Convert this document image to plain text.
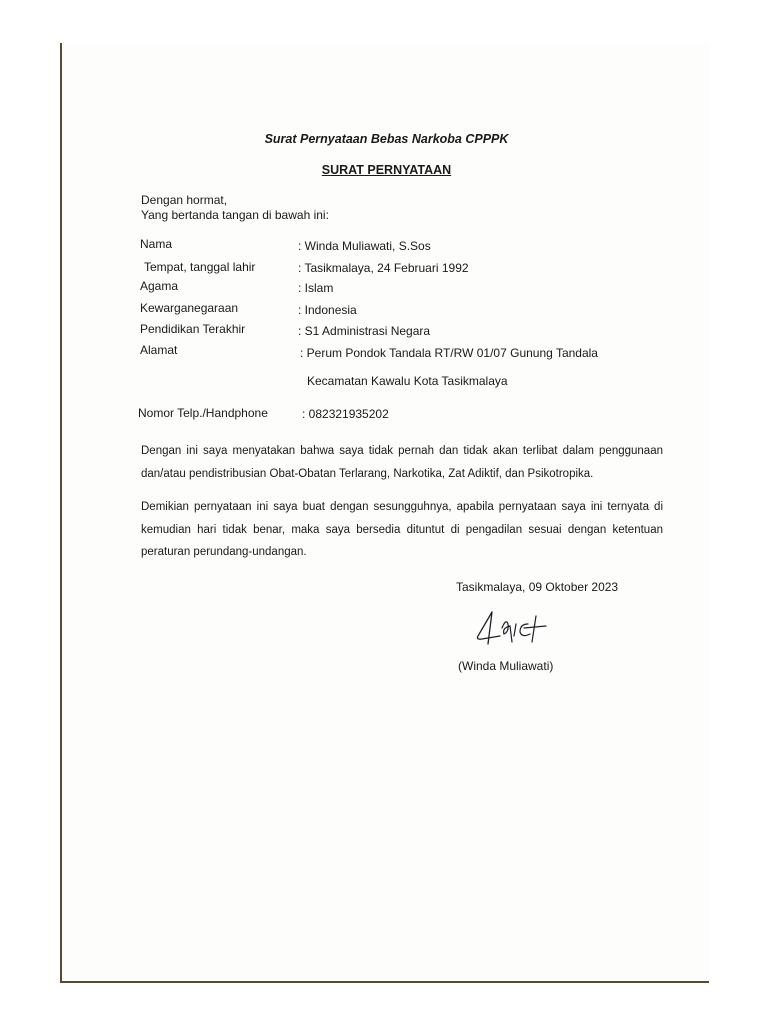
Surat Pernyataan Bebas Narkoba CPPPK
SURAT PERNYATAAN
Dengan hormat,
Yang bertanda tangan di bawah ini:
Nama	: Winda Muliawati, S.Sos
Tempat, tanggal lahir	: Tasikmalaya, 24 Februari 1992
Agama	: Islam
Kewarganegaraan	: Indonesia
Pendidikan Terakhir	: S1 Administrasi Negara
Alamat	: Perum Pondok Tandala RT/RW 01/07 Gunung Tandala
Kecamatan Kawalu Kota Tasikmalaya
Nomor Telp./Handphone	: 082321935202
Dengan ini saya menyatakan bahwa saya tidak pernah dan tidak akan terlibat dalam penggunaan dan/atau pendistribusian Obat-Obatan Terlarang, Narkotika, Zat Adiktif, dan Psikotropika.
Demikian pernyataan ini saya buat dengan sesungguhnya, apabila pernyataan saya ini ternyata di kemudian hari tidak benar, maka saya bersedia dituntut di pengadilan sesuai dengan ketentuan peraturan perundang-undangan.
Tasikmalaya, 09 Oktober 2023
(Winda Muliawati)
